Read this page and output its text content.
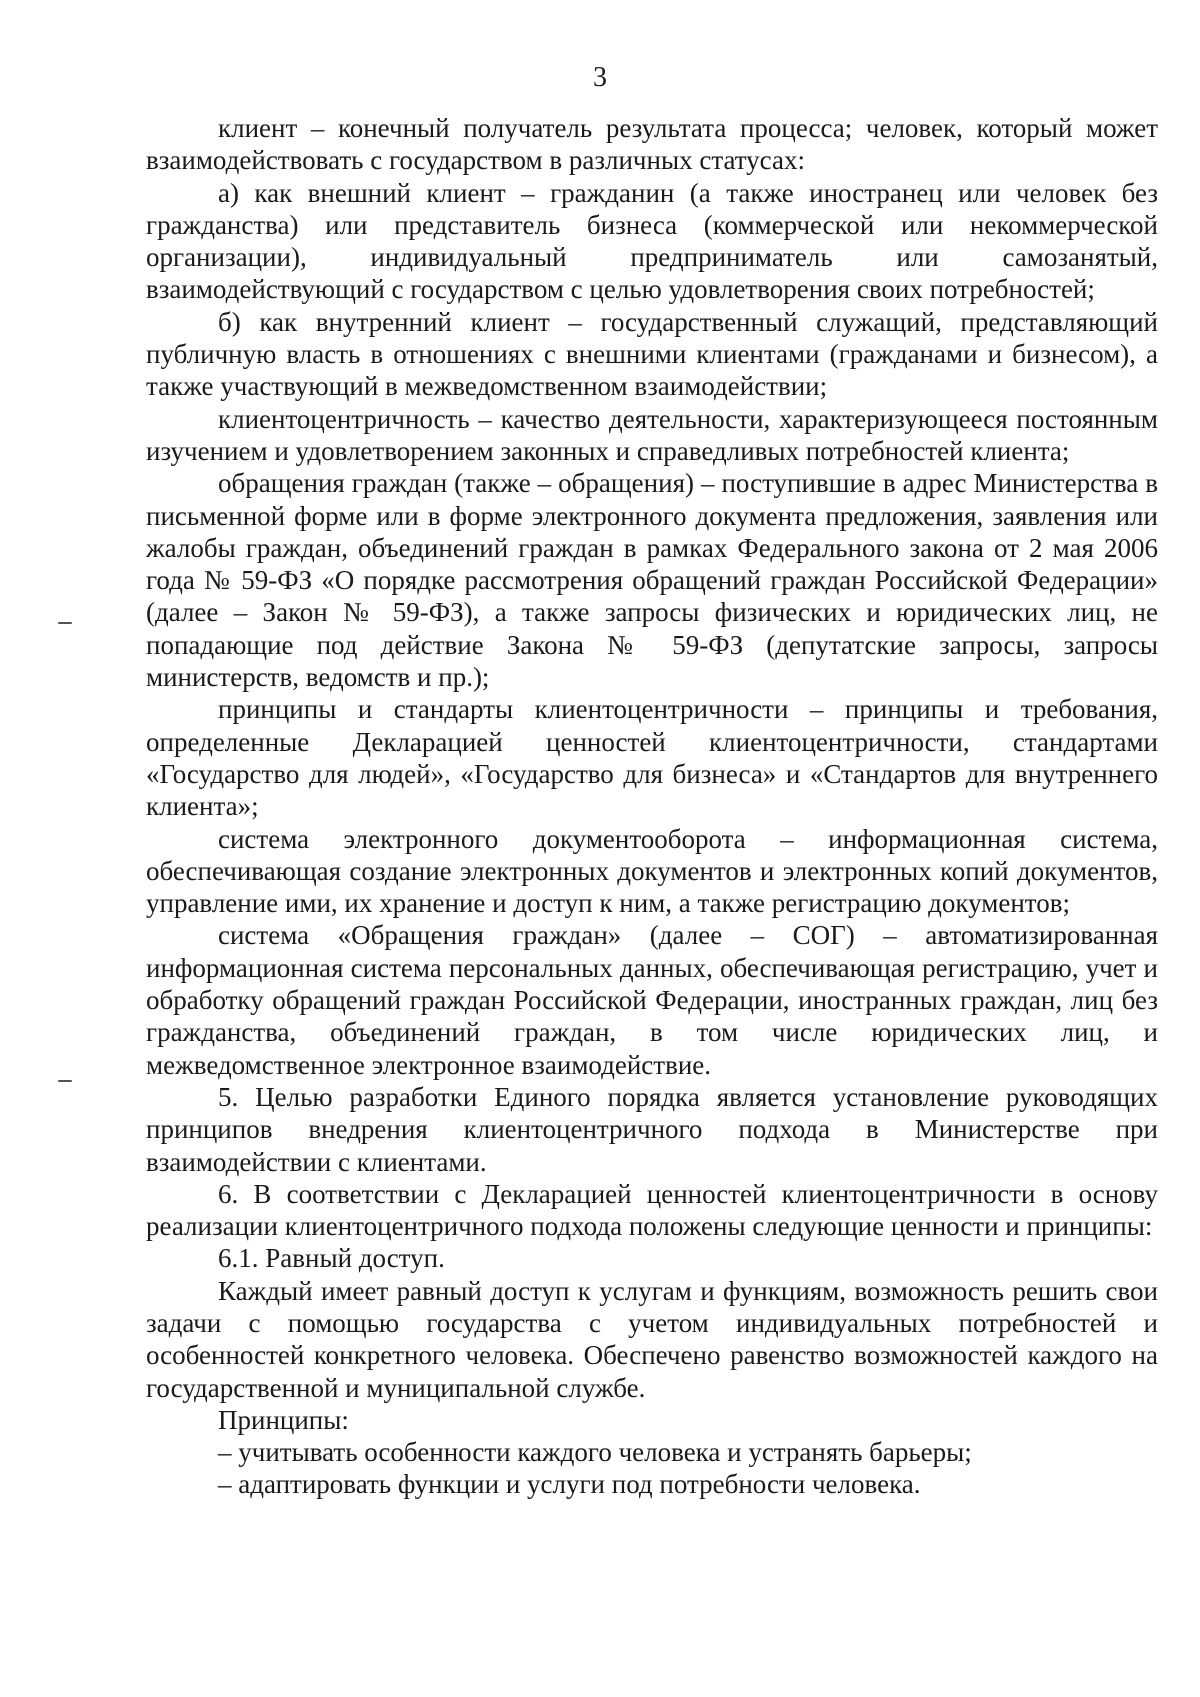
3

клиент – конечный получатель результата процесса; человек, который может взаимодействовать с государством в различных статусах:

а) как внешний клиент – гражданин (а также иностранец или человек без гражданства) или представитель бизнеса (коммерческой или некоммерческой организации), индивидуальный предприниматель или самозанятый, взаимодействующий с государством с целью удовлетворения своих потребностей;

б) как внутренний клиент – государственный служащий, представляющий публичную власть в отношениях с внешними клиентами (гражданами и бизнесом), а также участвующий в межведомственном взаимодействии;

клиентоцентричность – качество деятельности, характеризующееся постоянным изучением и удовлетворением законных и справедливых потребностей клиента;

обращения граждан (также – обращения) – поступившие в адрес Министерства в письменной форме или в форме электронного документа предложения, заявления или жалобы граждан, объединений граждан в рамках Федерального закона от 2 мая 2006 года № 59-ФЗ «О порядке рассмотрения обращений граждан Российской Федерации» (далее – Закон № 59-ФЗ), а также запросы физических и юридических лиц, не попадающие под действие Закона № 59-ФЗ (депутатские запросы, запросы министерств, ведомств и пр.);

принципы и стандарты клиентоцентричности – принципы и требования, определенные Декларацией ценностей клиентоцентричности, стандартами «Государство для людей», «Государство для бизнеса» и «Стандартов для внутреннего клиента»;

система электронного документооборота – информационная система, обеспечивающая создание электронных документов и электронных копий документов, управление ими, их хранение и доступ к ним, а также регистрацию документов;

система «Обращения граждан» (далее – СОГ) – автоматизированная информационная система персональных данных, обеспечивающая регистрацию, учет и обработку обращений граждан Российской Федерации, иностранных граждан, лиц без гражданства, объединений граждан, в том числе юридических лиц, и межведомственное электронное взаимодействие.

5. Целью разработки Единого порядка является установление руководящих принципов внедрения клиентоцентричного подхода в Министерстве при взаимодействии с клиентами.

6. В соответствии с Декларацией ценностей клиентоцентричности в основу реализации клиентоцентричного подхода положены следующие ценности и принципы:

6.1. Равный доступ.

Каждый имеет равный доступ к услугам и функциям, возможность решить свои задачи с помощью государства с учетом индивидуальных потребностей и особенностей конкретного человека. Обеспечено равенство возможностей каждого на государственной и муниципальной службе.

Принципы:

– учитывать особенности каждого человека и устранять барьеры;

– адаптировать функции и услуги под потребности человека.
